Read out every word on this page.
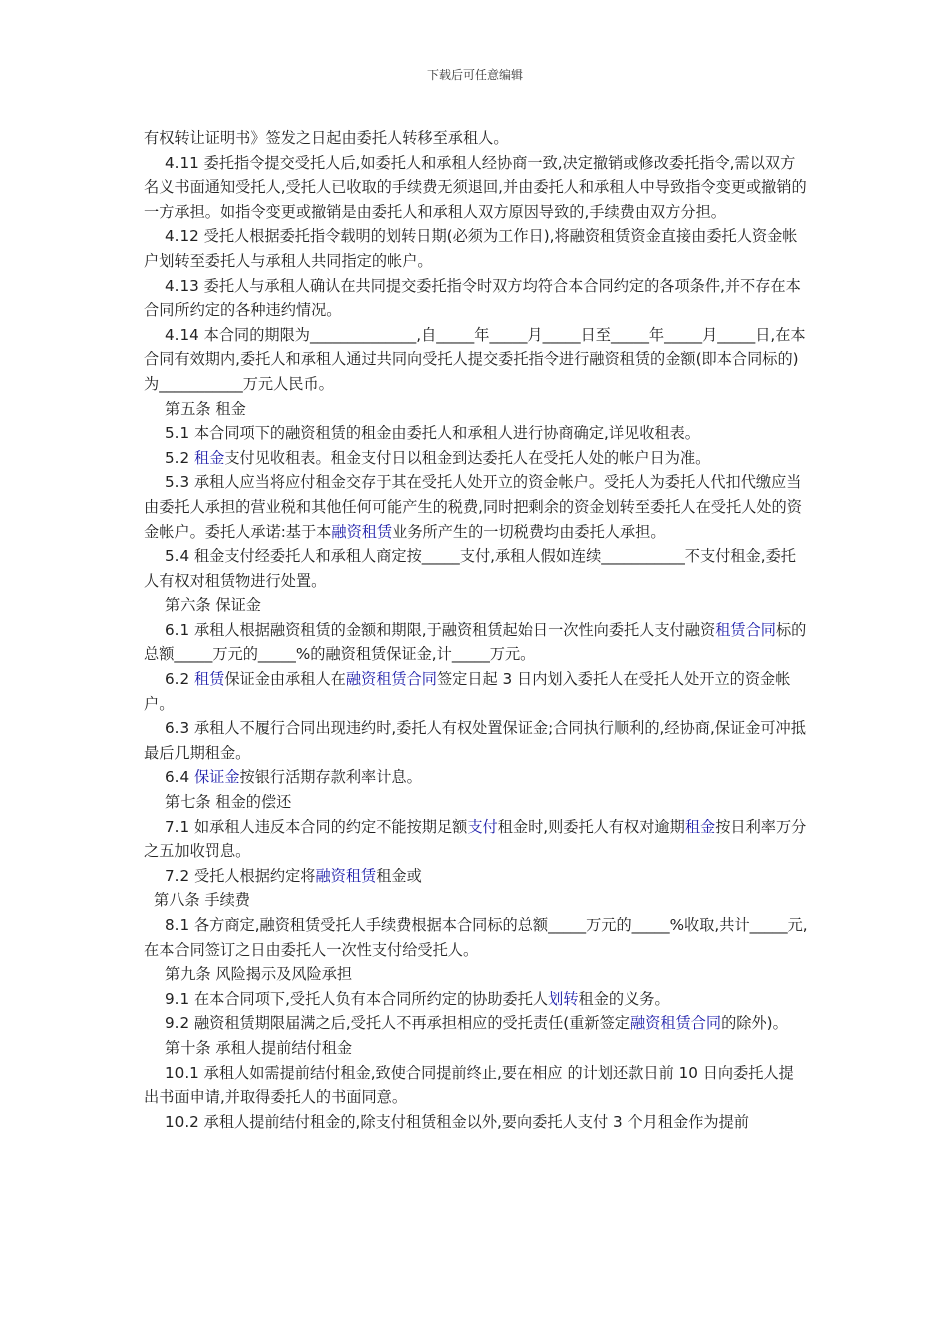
下载后可任意编辑

有权转让证明书》签发之日起由委托人转移至承租人。

4.11 委托指令提交受托人后,如委托人和承租人经协商一致,决定撤销或修改委托指令,需以双方名义书面通知受托人,受托人已收取的手续费无须退回,并由委托人和承租人中导致指令变更或撤销的一方承担。如指令变更或撤销是由委托人和承租人双方原因导致的,手续费由双方分担。

4.12 受托人根据委托指令载明的划转日期(必须为工作日),将融资租赁资金直接由委托人资金帐户划转至委托人与承租人共同指定的帐户。

4.13 委托人与承租人确认在共同提交委托指令时双方均符合本合同约定的各项条件,并不存在本合同所约定的各种违约情况。

4.14 本合同的期限为______________,自_____年_____月_____日至_____年_____月_____日,在本合同有效期内,委托人和承租人通过共同向受托人提交委托指令进行融资租赁的金额(即本合同标的)为___________万元人民币。

第五条 租金

5.1 本合同项下的融资租赁的租金由委托人和承租人进行协商确定,详见收租表。

5.2 租金支付见收租表。租金支付日以租金到达委托人在受托人处的帐户日为准。

5.3 承租人应当将应付租金交存于其在受托人处开立的资金帐户。受托人为委托人代扣代缴应当由委托人承担的营业税和其他任何可能产生的税费,同时把剩余的资金划转至委托人在受托人处的资金帐户。委托人承诺:基于本融资租赁业务所产生的一切税费均由委托人承担。

5.4 租金支付经委托人和承租人商定按_____支付,承租人假如连续___________不支付租金,委托人有权对租赁物进行处置。

第六条 保证金

6.1 承租人根据融资租赁的金额和期限,于融资租赁起始日一次性向委托人支付融资租赁合同标的总额_____万元的_____%的融资租赁保证金,计_____万元。

6.2 租赁保证金由承租人在融资租赁合同签定日起 3 日内划入委托人在受托人处开立的资金帐户。

6.3 承租人不履行合同出现违约时,委托人有权处置保证金;合同执行顺利的,经协商,保证金可冲抵最后几期租金。

6.4 保证金按银行活期存款利率计息。

第七条 租金的偿还

7.1 如承租人违反本合同的约定不能按期足额支付租金时,则委托人有权对逾期租金按日利率万分之五加收罚息。

7.2 受托人根据约定将融资租赁租金或

第八条 手续费

8.1 各方商定,融资租赁受托人手续费根据本合同标的总额_____万元的_____%收取,共计_____元,在本合同签订之日由委托人一次性支付给受托人。

第九条 风险揭示及风险承担

9.1 在本合同项下,受托人负有本合同所约定的协助委托人划转租金的义务。

9.2 融资租赁期限届满之后,受托人不再承担相应的受托责任(重新签定融资租赁合同的除外)。

第十条 承租人提前结付租金

10.1 承租人如需提前结付租金,致使合同提前终止,要在相应 的计划还款日前 10 日向委托人提出书面申请,并取得委托人的书面同意。

10.2 承租人提前结付租金的,除支付租赁租金以外,要向委托人支付 3 个月租金作为提前
